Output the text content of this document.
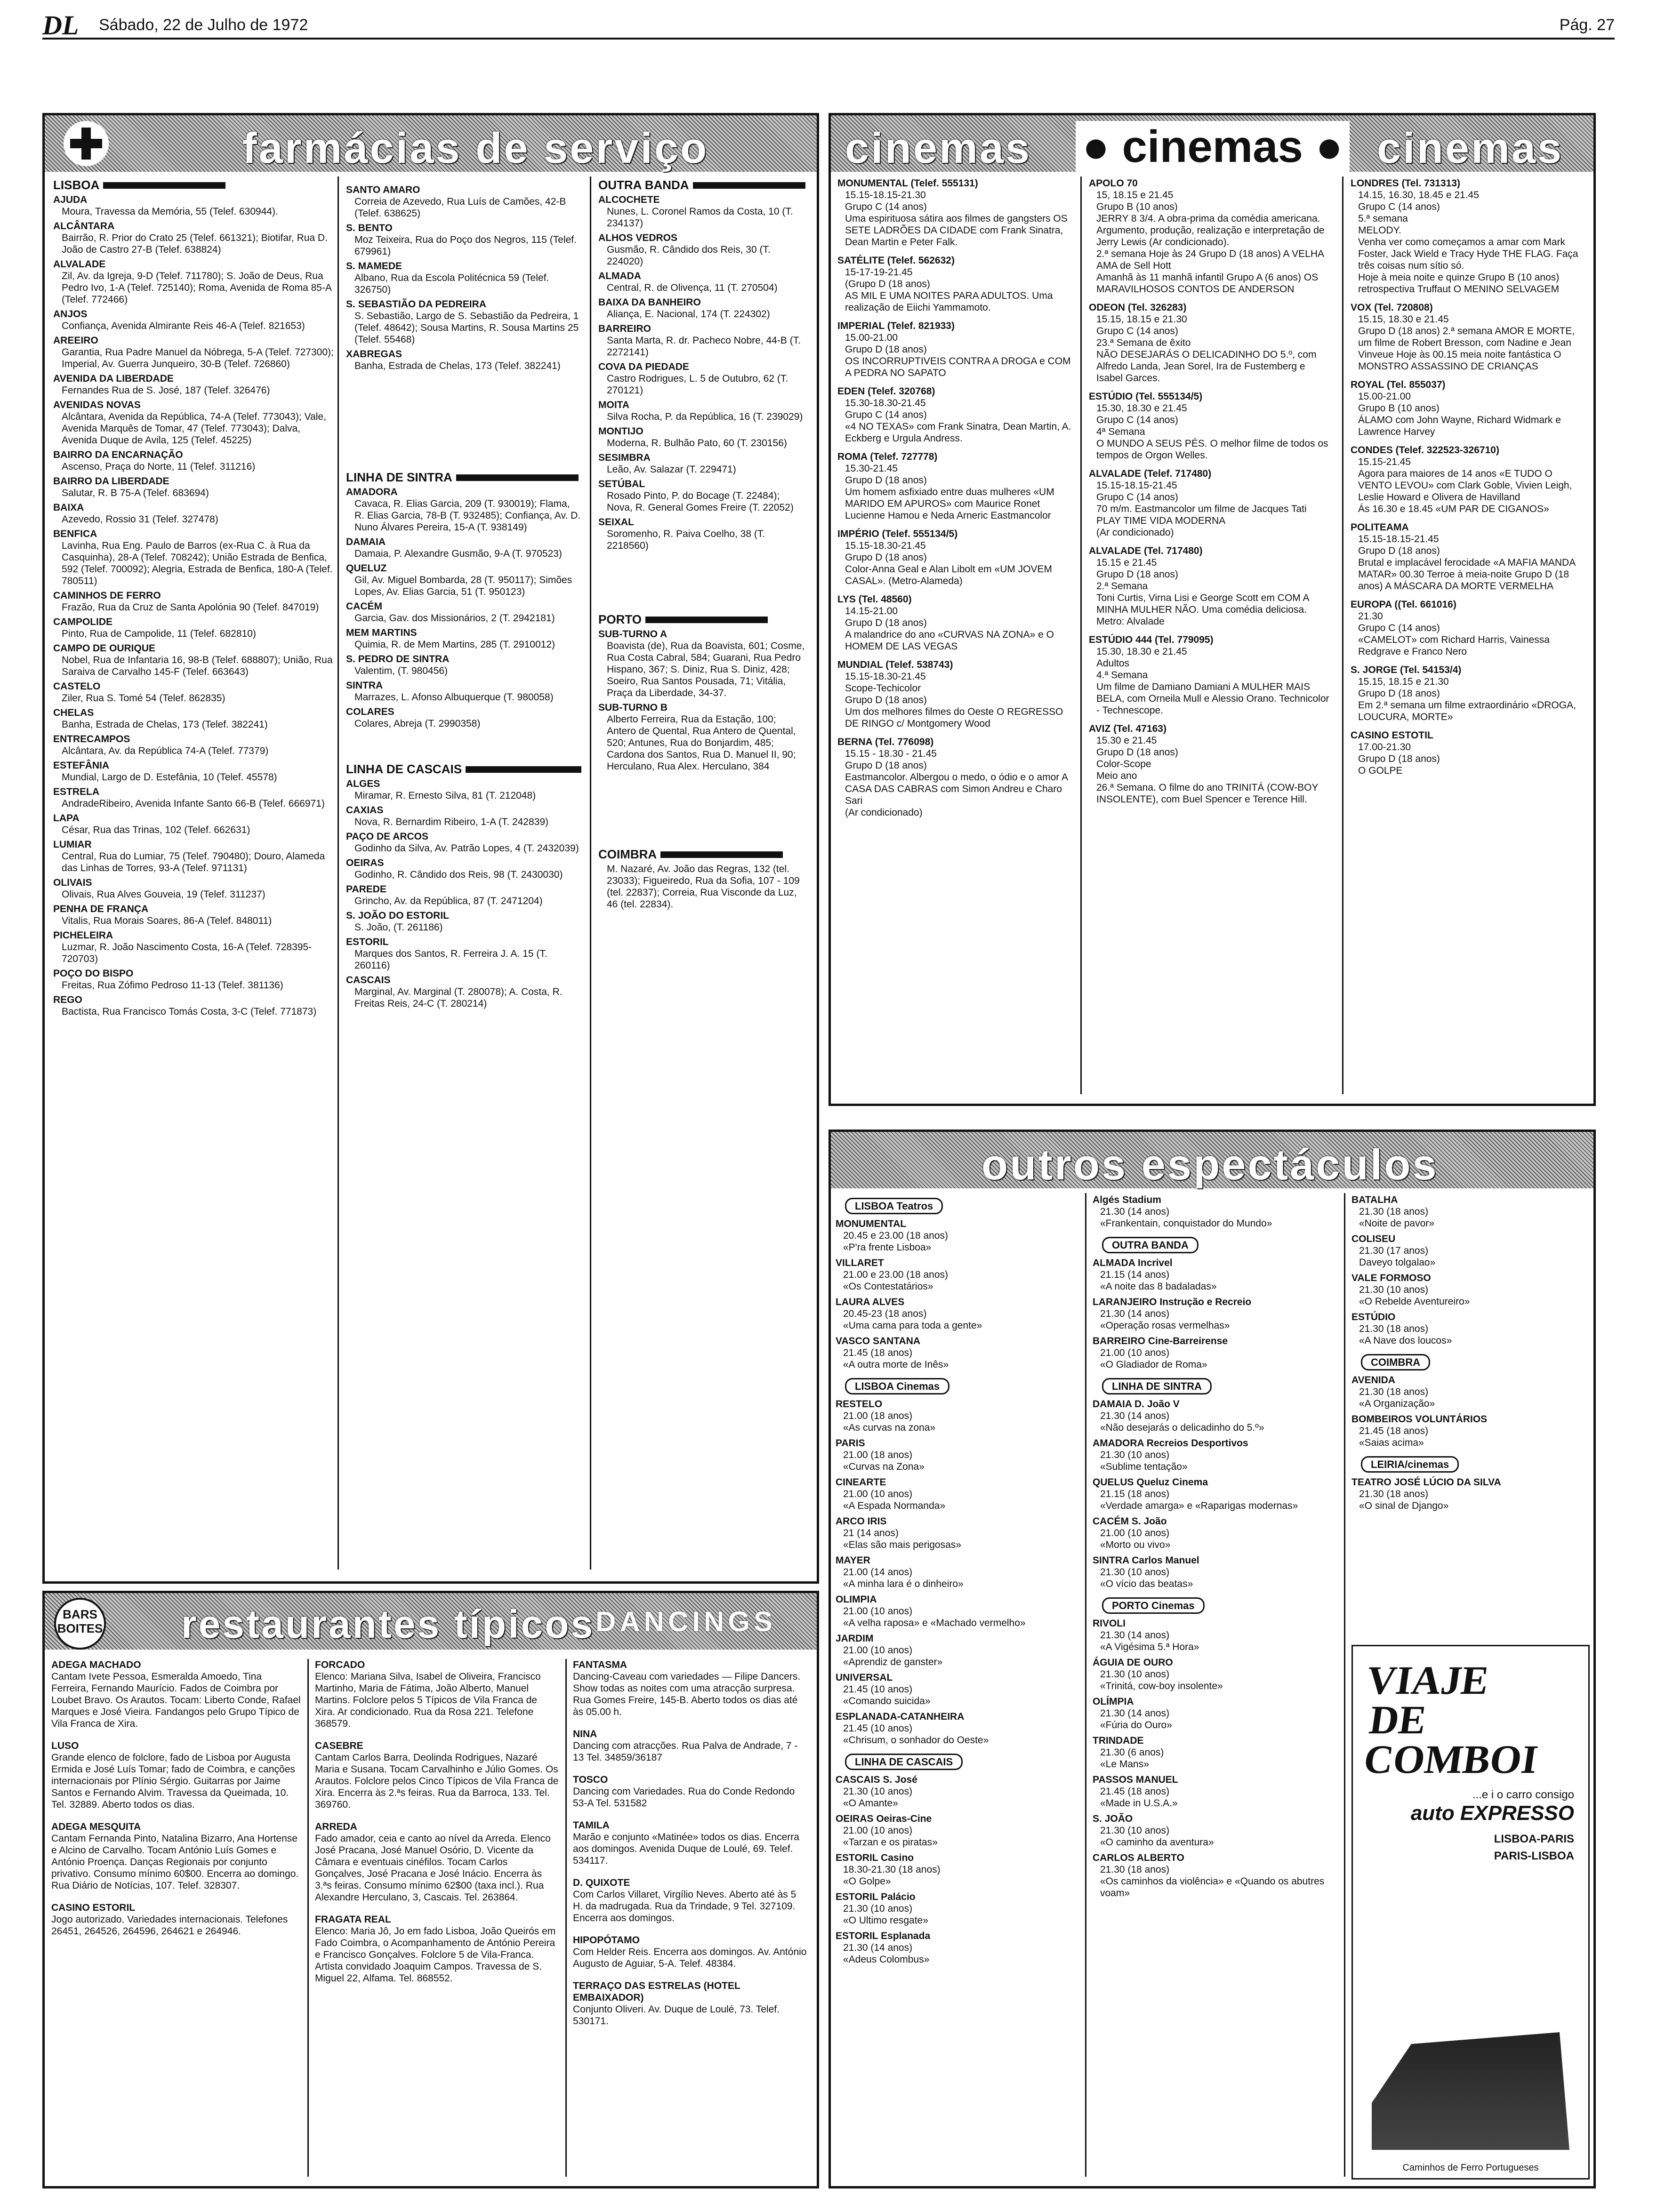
DL Sábado, 22 de Julho de 1972	Pág. 27
farmácias de serviço
LISBOA
AJUDA
Moura, Travessa da Memória, 55 (Telef. 630944).
ALCÂNTARA
Bairrão, R. Prior do Crato 25 (Telef. 661321); Biotifar, Rua D. João de Castro 27-B (Telef. 638824)
ALVALADE
Zil, Av. da Igreja, 9-D (Telef. 711780); S. João de Deus, Rua Pedro Ivo, 1-A (Telef. 725140); Roma, Avenida de Roma 85-A (Telef. 772466)
ANJOS
Confiança, Avenida Almirante Reis 46-A (Telef. 821653)
AREEIRO
Garantia, Rua Padre Manuel da Nóbrega, 5-A (Telef. 727300); Imperial, Av. Guerra Junqueiro, 30-B (Telef. 726860)
AVENIDA DA LIBERDADE
Fernandes Rua de S. José, 187 (Telef. 326476)
AVENIDAS NOVAS
Alcântara, Avenida da República, 74-A (Telef. 773043); Vale, Avenida Marquês de Tomar, 47 (Telef. 773043); Dalva, Avenida Duque de Avila, 125 (Telef. 45225)
BAIRRO DA ENCARNAÇÃO
Ascenso, Praça do Norte, 11 (Telef. 311216)
BAIRRO DA LIBERDADE
Salutar, R. B 75-A (Telef. 683694)
BAIXA
Azevedo, Rossio 31 (Telef. 327478)
BENFICA
Lavinha, Rua Eng. Paulo de Barros (ex-Rua C. à Rua da Casquinha), 28-A (Telef. 708242); União Estrada de Benfica, 592 (Telef. 700092); Alegria, Estrada de Benfica, 180-A (Telef. 780511)
CAMINHOS DE FERRO
Frazão, Rua da Cruz de Santa Apolónia 90 (Telef. 847019)
CAMPOLIDE
Pinto, Rua de Campolide, 11 (Telef. 682810)
CAMPO DE OURIQUE
Nobel, Rua de Infantaria 16, 98-B (Telef. 688807); União, Rua Saraiva de Carvalho 145-F (Telef. 663643)
CASTELO
Ziler, Rua S. Tomé 54 (Telef. 862835)
CHELAS
Banha, Estrada de Chelas, 173 (Telef. 382241)
ENTRECAMPOS
Alcântara, Av. da República 74-A (Telef. 77379)
ESTEFÂNIA
Mundial, Largo de D. Estefânia, 10 (Telef. 45578)
ESTRELA
AndradeRibeiro, Avenida Infante Santo 66-B (Telef. 666971)
LAPA
César, Rua das Trinas, 102 (Telef. 662631)
LUMIAR
Central, Rua do Lumiar, 75 (Telef. 790480); Douro, Alameda das Linhas de Torres, 93-A (Telef. 971131)
OLIVAIS
Olivais, Rua Alves Gouveia, 19 (Telef. 311237)
PENHA DE FRANÇA
Vitalis, Rua Morais Soares, 86-A (Telef. 848011)
PICHELEIRA
Luzmar, R. João Nascimento Costa, 16-A (Telef. 728395-720703)
POÇO DO BISPO
Freitas, Rua Zófimo Pedroso 11-13 (Telef. 381136)
REGO
Bactista, Rua Francisco Tomás Costa, 3-C (Telef. 771873)
SANTO AMARO
Correia de Azevedo, Rua Luís de Camões, 42-B (Telef. 638625)
S. BENTO
Moz Teixeira, Rua do Poço dos Negros, 115 (Telef. 679961)
S. MAMEDE
Albano, Rua da Escola Politécnica 59 (Telef. 326750)
S. SEBASTIÃO DA PEDREIRA
S. Sebastião, Largo de S. Sebastião da Pedreira, 1 (Telef. 48642); Sousa Martins, R. Sousa Martins 25 (Telef. 55468)
XABREGAS
Banha, Estrada de Chelas, 173 (Telef. 382241)
LINHA DE SINTRA
AMADORA
Cavaca, R. Elias Garcia, 209 (T. 930019); Flama, R. Elias Garcia, 78-B (T. 932485); Confiança, Av. D. Nuno Álvares Pereira, 15-A (T. 938149)
DAMAIA
Damaia, P. Alexandre Gusmão, 9-A (T. 970523)
QUELUZ
Gil, Av. Miguel Bombarda, 28 (T. 950117); Simões Lopes, Av. Elias Garcia, 51 (T. 950123)
CACÉM
Garcia, Gav. dos Missionários, 2 (T. 2942181)
MEM MARTINS
Quimia, R. de Mem Martins, 285 (T. 2910012)
S. PEDRO DE SINTRA
Valentim, (T. 980456)
SINTRA
Marrazes, L. Afonso Albuquerque (T. 980058)
COLARES
Colares, Abreja (T. 2990358)
LINHA DE CASCAIS
ALGES
Miramar, R. Ernesto Silva, 81 (T. 212048)
CAXIAS
Nova, R. Bernardim Ribeiro, 1-A (T. 242839)
PAÇO DE ARCOS
Godinho da Silva, Av. Patrão Lopes, 4 (T. 2432039)
OEIRAS
Godinho, R. Cândido dos Reis, 98 (T. 2430030)
PAREDE
Grincho, Av. da República, 87 (T. 2471204)
S. JOÃO DO ESTORIL
S. João, (T. 261186)
ESTORIL
Marques dos Santos, R. Ferreira J. A. 15 (T. 260116)
CASCAIS
Marginal, Av. Marginal (T. 280078); A. Costa, R. Freitas Reis, 24-C (T. 280214)
OUTRA BANDA
ALCOCHETE
Nunes, L. Coronel Ramos da Costa, 10 (T. 234137)
ALHOS VEDROS
Gusmão, R. Cândido dos Reis, 30 (T. 224020)
ALMADA
Central, R. de Olivença, 11 (T. 270504)
BAIXA DA BANHEIRO
Aliança, E. Nacional, 174 (T. 224302)
BARREIRO
Santa Marta, R. dr. Pacheco Nobre, 44-B (T. 2272141)
COVA DA PIEDADE
Castro Rodrigues, L. 5 de Outubro, 62 (T. 270121)
MOITA
Silva Rocha, P. da República, 16 (T. 239029)
MONTIJO
Moderna, R. Bulhão Pato, 60 (T. 230156)
SESIMBRA
Leão, Av. Salazar (T. 229471)
SETÚBAL
Rosado Pinto, P. do Bocage (T. 22484); Nova, R. General Gomes Freire (T. 22052)
SEIXAL
Soromenho, R. Paiva Coelho, 38 (T. 2218560)
PORTO
SUB-TURNO A
Boavista (de), Rua da Boavista, 601; Cosme, Rua Costa Cabral, 584; Guarani, Rua Pedro Hispano, 367; S. Diniz, Rua S. Diniz, 428; Soeiro, Rua Santos Pousada, 71; Vitália, Praça da Liberdade, 34-37.
SUB-TURNO B
Alberto Ferreira, Rua da Estação, 100; Antero de Quental, Rua Antero de Quental, 520; Antunes, Rua do Bonjardim, 485; Cardona dos Santos, Rua D. Manuel II, 90; Herculano, Rua Alex. Herculano, 384
COIMBRA
M. Nazaré, Av. João das Regras, 132 (tel. 23033); Figueiredo, Rua da Sofia, 107 - 109 (tel. 22837); Correia, Rua Visconde da Luz, 46 (tel. 22834).
cinemas ● cinemas ● cinemas
MONUMENTAL (Telef. 555131)
15.15-18.15-21.30
Grupo C (14 anos)
Uma espirituosa sátira aos filmes de gangsters OS SETE LADRÕES DA CIDADE com Frank Sinatra, Dean Martin e Peter Falk.
SATÉLITE (Telef. 562632)
15-17-19-21.45
(Grupo D (18 anos)
AS MIL E UMA NOITES PARA ADULTOS. Uma realização de Eiichi Yammamoto.
IMPERIAL (Telef. 821933)
15.00-21.00
Grupo D (18 anos)
OS INCORRUPTIVEIS CONTRA A DROGA e COM A PEDRA NO SAPATO
EDEN (Telef. 320768)
15.30-18.30-21.45
Grupo C (14 anos)
«4 NO TEXAS» com Frank Sinatra, Dean Martin, A. Eckberg e Urgula Andress.
ROMA (Telef. 727778)
15.30-21.45
Grupo D (18 anos)
Um homem asfixiado entre duas mulheres «UM MARIDO EM APUROS» com Maurice Ronet Lucienne Hamou e Neda Arneric Eastmancolor
IMPÉRIO (Telef. 555134/5)
15.15-18.30-21.45
Grupo D (18 anos)
Color-Anna Geal e Alan Libolt em «UM JOVEM CASAL». (Metro-Alameda)
LYS (Tel. 48560)
14.15-21.00
Grupo D (18 anos)
A malandrice do ano «CURVAS NA ZONA» e O HOMEM DE LAS VEGAS
MUNDIAL (Telef. 538743)
15.15-18.30-21.45
Scope-Techicolor
Grupo D (18 anos)
Um dos melhores filmes do Oeste O REGRESSO DE RINGO c/ Montgomery Wood
BERNA (Tel. 776098)
15.15 - 18.30 - 21.45
Grupo D (18 anos)
Eastmancolor. Albergou o medo, o ódio e o amor A CASA DAS CABRAS com Simon Andreu e Charo Sari
(Ar condicionado)
APOLO 70
15, 18.15 e 21.45
Grupo B (10 anos)
JERRY 8 3/4. A obra-prima da comédia americana. Argumento, produção, realização e interpretação de Jerry Lewis (Ar condicionado).
2.ª semana Hoje às 24 Grupo D (18 anos) A VELHA AMA de Sell Hott
Amanhã às 11 manhã infantil Grupo A (6 anos) OS MARAVILHOSOS CONTOS DE ANDERSON
ODEON (Tel. 326283)
15.15, 18.15 e 21.30
Grupo C (14 anos)
23.ª Semana de êxito
NÃO DESEJARÁS O DELICADINHO DO 5.º, com Alfredo Landa, Jean Sorel, Ira de Fustemberg e Isabel Garces.
ESTÚDIO (Tel. 555134/5)
15.30, 18.30 e 21.45
Grupo C (14 anos)
4ª Semana
O MUNDO A SEUS PÉS. O melhor filme de todos os tempos de Orgon Welles.
ALVALADE (Telef. 717480)
15.15-18.15-21.45
Grupo C (14 anos)
70 m/m. Eastmancolor um filme de Jacques Tati PLAY TIME VIDA MODERNA
(Ar condicionado)
ALVALADE (Tel. 717480)
15.15 e 21.45
Grupo D (18 anos)
2.ª Semana
Toni Curtis, Virna Lisi e George Scott em COM A MINHA MULHER NÃO. Uma comédia deliciosa.
Metro: Alvalade
ESTÚDIO 444 (Tel. 779095)
15.30, 18.30 e 21.45
Adultos
4.ª Semana
Um filme de Damiano Damiani A MULHER MAIS BELA, com Orneila Mull e Alessio Orano. Technicolor - Technescope.
AVIZ (Tel. 47163)
15.30 e 21.45
Grupo D (18 anos)
Color-Scope
Meio ano
26.ª Semana. O filme do ano TRINITÁ (COW-BOY INSOLENTE), com Buel Spencer e Terence Hill.
LONDRES (Tel. 731313)
14.15, 16.30, 18.45 e 21.45
Grupo C (14 anos)
5.ª semana
MELODY.
Venha ver como começamos a amar com Mark Foster, Jack Wield e Tracy Hyde THE FLAG. Faça três coisas num sítio só.
Hoje à meia noite e quinze Grupo B (10 anos) retrospectiva Truffaut O MENINO SELVAGEM
VOX (Tel. 720808)
15.15, 18.30 e 21.45
Grupo D (18 anos) 2.ª semana AMOR E MORTE, um filme de Robert Bresson, com Nadine e Jean Vinveue Hoje às 00.15 meia noite fantástica O MONSTRO ASSASSINO DE CRIANÇAS
ROYAL (Tel. 855037)
15.00-21.00
Grupo B (10 anos)
ÁLAMO com John Wayne, Richard Widmark e Lawrence Harvey
CONDES (Telef. 322523-326710)
15.15-21.45
Agora para maiores de 14 anos «E TUDO O VENTO LEVOU» com Clark Goble, Vivien Leigh, Leslie Howard e Olivera de Havilland
Ás 16.30 e 18.45 «UM PAR DE CIGANOS»
POLITEAMA
15.15-18.15-21.45
Grupo D (18 anos)
Brutal e implacável ferocidade «A MAFIA MANDA MATAR» 00.30 Terroe à meia-noite Grupo D (18 anos) A MÁSCARA DA MORTE VERMELHA
EUROPA ((Tel. 661016)
21.30
Grupo C (14 anos)
«CAMELOT» com Richard Harris, Vainessa Redgrave e Franco Nero
S. JORGE (Tel. 54153/4)
15.15, 18.15 e 21.30
Grupo D (18 anos)
Em 2.ª semana um filme extraordinário «DROGA, LOUCURA, MORTE»
CASINO ESTOTIL
17.00-21.30
Grupo D (18 anos)
O GOLPE
outros espectáculos
LISBOA Teatros
MONUMENTAL
20.45 e 23.00 (18 anos)
«P'ra frente Lisboa»
VILLARET
21.00 e 23.00 (18 anos)
«Os Contestatários»
LAURA ALVES
20.45-23 (18 anos)
«Uma cama para toda a gente»
VASCO SANTANA
21.45 (18 anos)
«A outra morte de Inês»
LISBOA Cinemas
RESTELO
21.00 (18 anos)
«As curvas na zona»
PARIS
21.00 (18 anos)
«Curvas na Zona»
CINEARTE
21.00 (10 anos)
«A Espada Normanda»
ARCO IRIS
21 (14 anos)
«Elas são mais perigosas»
MAYER
21.00 (14 anos)
«A minha lara é o dinheiro»
OLIMPIA
21.00 (10 anos)
«A velha raposa» e «Machado vermelho»
JARDIM
21.00 (10 anos)
«Aprendiz de ganster»
UNIVERSAL
21.45 (10 anos)
«Comando suicida»
ESPLANADA-CATANHEIRA
21.45 (10 anos)
«Chrisum, o sonhador do Oeste»
LINHA DE CASCAIS
CASCAIS S. José
21.30 (10 anos)
«O Amante»
OEIRAS Oeiras-Cine
21.00 (10 anos)
«Tarzan e os piratas»
ESTORIL Casino
18.30-21.30 (18 anos)
«O Golpe»
ESTORIL Palácio
21.30 (10 anos)
«O Ultimo resgate»
ESTORIL Esplanada
21.30 (14 anos)
«Adeus Colombus»
Algés Stadium
21.30 (14 anos)
«Frankentain, conquistador do Mundo»
OUTRA BANDA
ALMADA Incrivel
21.15 (14 anos)
«A noite das 8 badaladas»
LARANJEIRO Instrução e Recreio
21.30 (14 anos)
«Operação rosas vermelhas»
BARREIRO Cine-Barreirense
21.00 (10 anos)
«O Gladiador de Roma»
LINHA DE SINTRA
DAMAIA D. João V
21.30 (14 anos)
«Não desejarás o delicadinho do 5.º»
AMADORA Recreios Desportivos
21.30 (10 anos)
«Sublime tentação»
QUELUS Queluz Cinema
21.15 (18 anos)
«Verdade amarga» e «Raparigas modernas»
CACÉM S. João
21.00 (10 anos)
«Morto ou vivo»
SINTRA Carlos Manuel
21.30 (10 anos)
«O vício das beatas»
PORTO Cinemas
RIVOLI
21.30 (14 anos)
«A Vigésima 5.ª Hora»
ÁGUIA DE OURO
21.30 (10 anos)
«Trinitá, cow-boy insolente»
OLÍMPIA
21.30 (14 anos)
«Fúria do Ouro»
TRINDADE
21.30 (6 anos)
«Le Mans»
PASSOS MANUEL
21.45 (18 anos)
«Made in U.S.A.»
S. JOÃO
21.30 (10 anos)
«O caminho da aventura»
CARLOS ALBERTO
21.30 (18 anos)
«Os caminhos da violência» e «Quando os abutres voam»
BATALHA
21.30 (18 anos)
«Noite de pavor»
COLISEU
21.30 (17 anos)
Daveyo tolgalao»
VALE FORMOSO
21.30 (10 anos)
«O Rebelde Aventureiro»
ESTÚDIO
21.30 (18 anos)
«A Nave dos loucos»
COIMBRA
AVENIDA
21.30 (18 anos)
«A Organização»
BOMBEIROS VOLUNTÁRIOS
21.45 (18 anos)
«Saias acima»
LEIRIA/cinemas
TEATRO JOSÉ LÚCIO DA SILVA
21.30 (18 anos)
«O sinal de Django»
VIAJE
DE COMBOI
...e i o carro consigo
auto EXPRESSO
LISBOA-PARIS
PARIS-LISBOA
Caminhos de Ferro Portugueses
BARS BOITES restaurantes típicos DANCINGS
ADEGA MACHADO
Cantam Ivete Pessoa, Esmeralda Amoedo, Tina Ferreira, Fernando Maurício. Fados de Coimbra por Loubet Bravo. Os Arautos. Tocam: Liberto Conde, Rafael Marques e José Vieira. Fandangos pelo Grupo Típico de Vila Franca de Xira.
LUSO
Grande elenco de folclore, fado de Lisboa por Augusta Ermida e José Luís Tomar; fado de Coimbra, e canções internacionais por Plínio Sérgio. Guitarras por Jaime Santos e Fernando Alvim. Travessa da Queimada, 10. Tel. 32889. Aberto todos os dias.
ADEGA MESQUITA
Cantam Fernanda Pinto, Natalina Bizarro, Ana Hortense e Alcino de Carvalho. Tocam António Luís Gomes e António Proença. Danças Regionais por conjunto privativo. Consumo mínimo 60$00. Encerra ao domingo. Rua Diário de Notícias, 107. Telef. 328307.
CASINO ESTORIL
Jogo autorizado. Variedades internacionais. Telefones 26451, 264526, 264596, 264621 e 264946.
FORCADO
Elenco: Mariana Silva, Isabel de Oliveira, Francisco Martinho, Maria de Fátima, João Alberto, Manuel Martins. Folclore pelos 5 Típicos de Vila Franca de Xira. Ar condicionado. Rua da Rosa 221. Telefone 368579.
CASEBRE
Cantam Carlos Barra, Deolinda Rodrigues, Nazaré Maria e Susana. Tocam Carvalhinho e Júlio Gomes. Os Arautos. Folclore pelos Cinco Típicos de Vila Franca de Xira. Encerra às 2.ªs feiras. Rua da Barroca, 133. Tel. 369760.
ARREDA
Fado amador, ceia e canto ao nível da Arreda. Elenco José Pracana, José Manuel Osório, D. Vicente da Câmara e eventuais cinéfilos. Tocam Carlos Gonçalves, José Pracana e José Inácio. Encerra às 3.ªs feiras. Consumo mínimo 62$00 (taxa incl.). Rua Alexandre Herculano, 3, Cascais. Tel. 263864.
FRAGATA REAL
Elenco: Maria Jô, Jo em fado Lisboa, João Queirós em Fado Coimbra, o Acompanhamento de António Pereira e Francisco Gonçalves. Folclore 5 de Vila-Franca. Artista convidado Joaquim Campos. Travessa de S. Miguel 22, Alfama. Tel. 868552.
FANTASMA
Dancing-Caveau com variedades — Filipe Dancers. Show todas as noites com uma atracção surpresa. Rua Gomes Freire, 145-B. Aberto todos os dias até às 05.00 h.
NINA
Dancing com atracções. Rua Palva de Andrade, 7 - 13 Tel. 34859/36187
TOSCO
Dancing com Variedades. Rua do Conde Redondo 53-A Tel. 531582
TAMILA
Marão e conjunto «Matinée» todos os dias. Encerra aos domingos. Avenida Duque de Loulé, 69. Telef. 534117.
D. QUIXOTE
Com Carlos Villaret, Virgílio Neves. Aberto até às 5 H. da madrugada. Rua da Trindade, 9 Tel. 327109. Encerra aos domingos.
HIPOPÓTAMO
Com Helder Reis. Encerra aos domingos. Av. António Augusto de Aguiar, 5-A. Telef. 48384.
TERRAÇO DAS ESTRELAS (HOTEL EMBAIXADOR)
Conjunto Oliveri. Av. Duque de Loulé, 73. Telef. 530171.
